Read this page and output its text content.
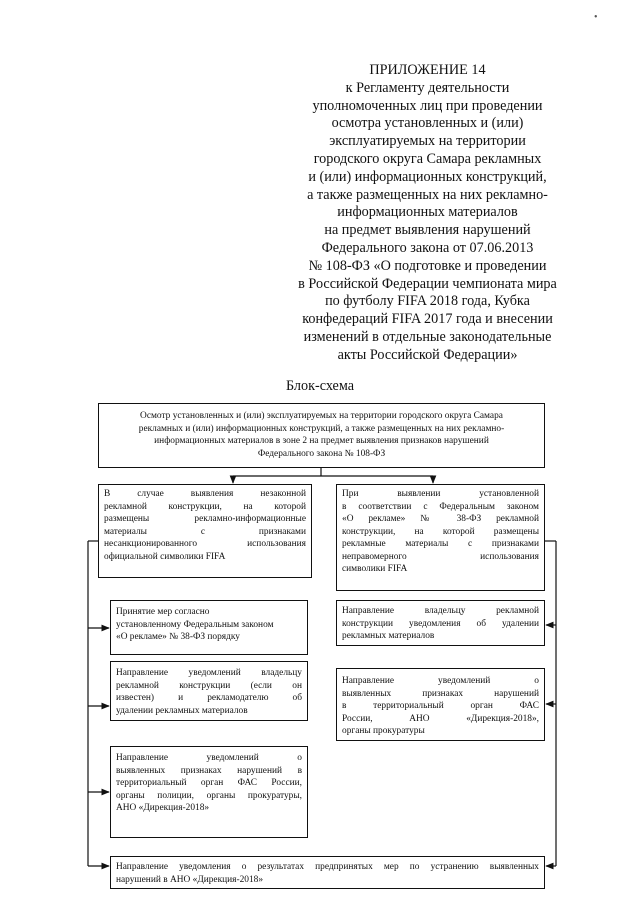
•
ПРИЛОЖЕНИЕ 14
к Регламенту деятельности
уполномоченных лиц при проведении
осмотра установленных и (или)
эксплуатируемых на территории
городского округа Самара рекламных
и (или) информационных конструкций,
а также размещенных на них рекламно-
информационных материалов
на предмет выявления нарушений
Федерального закона от 07.06.2013
№ 108-ФЗ «О подготовке и проведении
в Российской Федерации чемпионата мира
по футболу FIFA 2018 года, Кубка
конфедераций FIFA 2017 года и внесении
изменений в отдельные законодательные
акты Российской Федерации»
Блок-схема
Осмотр установленных и (или) эксплуатируемых на территории городского округа Самара
рекламных и (или) информационных конструкций, а также размещенных на них рекламно-
информационных материалов в зоне 2 на предмет выявления признаков нарушений
Федерального закона № 108-ФЗ
В случае выявления незаконной
рекламной конструкции, на которой
размещены рекламно-информационные
материалы с признаками
несанкционированного использования
официальной символики FIFA
При выявлении установленной
в соответствии с Федеральным законом
«О рекламе» № 38-ФЗ рекламной
конструкции, на которой размещены
рекламные материалы с признаками
неправомерного использования
символики FIFA
Принятие мер согласно
установленному Федеральным законом
«О рекламе» № 38-ФЗ порядку
Направление владельцу рекламной
конструкции уведомления об удалении
рекламных материалов
Направление уведомлений владельцу
рекламной конструкции (если он
известен) и рекламодателю об
удалении рекламных материалов
Направление уведомлений о
выявленных признаках нарушений
в территориальный орган ФАС
России, АНО «Дирекция-2018»,
органы прокуратуры
Направление уведомлений о
выявленных признаках нарушений в
территориальный орган ФАС России,
органы полиции, органы прокуратуры,
АНО «Дирекция-2018»
Направление уведомления о результатах предпринятых мер по устранению выявленных
нарушений в АНО «Дирекция-2018»
